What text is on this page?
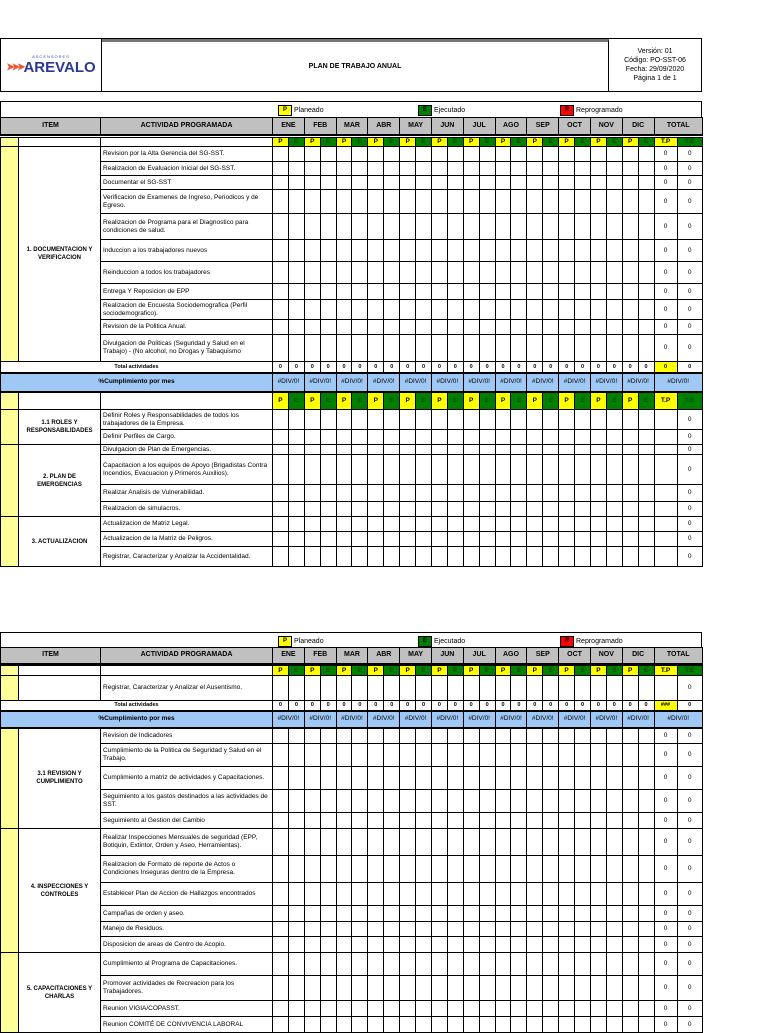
ASCENSORES
➤➤➤ AREVALO	PLAN DE TRABAJO ANUAL
Versión: 01
Código: PO-SST-06
Fecha: 29/09/2020
Página 1 de 1
P	Planeado	E	Ejecutado	R Reprogramado
ITEM		ACTIVIDAD PROGRAMADA	ENE		FEB		MAR		ABR		MAY		JUN		JUL		AGO		SEP		OCT		NOV		DIC		TOTAL	

			P	E	P	E	P	E	P	E	P	E	P	E	P	E	P	E	P	E	P	E	P	E	P	E	T.P	T.E
	1. DOCUMENTACION Y VERIFICACION	Revision por la Alta Gerencia del SG-SST.																									0	0
		Realizacion de Evaluacion Inicial del SG-SST.																									0	0
		Documentar el SG-SST																									0	0
		Verificacion de Examenes de Ingreso, Periodicos y de Egreso.																									0	0
		Realizacion de Programa para el Diagnostico para condiciones de salud.																									0	0
		Induccion a los trabajadores nuevos																									0	0
		Reinduccion a todos los trabajadores																									0	0
		Entrega Y Reposicion de EPP																									0	0
		Realizacion de Encuesta Sociodemografica (Perfil sociodemografico).																									0	0
		Revision de la Politica Anual.																									0	0
		Divulgacion de Politicas (Seguridad y Salud en el Trabajo) - (No alcohol, no Drogas y Tabaquismo																									0	0
Total actividades			0	0	0	0	0	0	0	0	0	0	0	0	0	0	0	0	0	0	0	0	0	0	0	0	0	0
%Cumplimiento por mes			#DIV/0!		#DIV/0!		#DIV/0!		#DIV/0!		#DIV/0!		#DIV/0!		#DIV/0!		#DIV/0!		#DIV/0!		#DIV/0!		#DIV/0!		#DIV/0!		#DIV/0!	
			P	E	P	E	P	E	P	E	P	E	P	E	P	E	P	E	P	E	P	E	P	E	P	E	T.P	T.E
	1.1 ROLES Y RESPONSABILIDADES	Definir Roles y Responsabilidades de todos los trabajadores de la Empresa.																										0
		Definir Perfiles de Cargo.																										0
	2. PLAN DE EMERGENCIAS	Divulgacion de Plan de Emergencias.																										0
		Capacitacion a los equipos de Apoyo (Brigadistas Contra Incendios, Evacuacion y Primeros Auxilios).																										0
		Realizar Analisis de Vulnerabilidad.																										0
		Realizacion de simulacros.																										0
	3. ACTUALIZACION	Actualizacion de Matriz Legal.																										0
		Actualizacion de la Matriz de Peligros.																										0
		Registrar, Caracterizar y Analizar la Accidentalidad.																										0
P	Planeado	E	Ejecutado	R Reprogramado
ITEM		ACTIVIDAD PROGRAMADA	ENE		FEB		MAR		ABR		MAY		JUN		JUL		AGO		SEP		OCT		NOV		DIC		TOTAL	

			P	E	P	E	P	E	P	E	P	E	P	E	P	E	P	E	P	E	P	E	P	E	P	E	T.P	T.E
		Registrar, Caracterizar y Analizar el Ausentismo.																										0
Total actividades			0	0	0	0	0	0	0	0	0	0	0	0	0	0	0	0	0	0	0	0	0	0	0	0	###	0
%Cumplimiento por mes			#DIV/0!		#DIV/0!		#DIV/0!		#DIV/0!		#DIV/0!		#DIV/0!		#DIV/0!		#DIV/0!		#DIV/0!		#DIV/0!		#DIV/0!		#DIV/0!		#DIV/0!	
	3.1 REVISION Y CUMPLIMIENTO	Revision de Indicadores																									0	0
		Cumplimiento de la Politica de Seguridad y Salud en el Trabajo.																									0	0
		Cumplimiento a matriz de actividades y Capacitaciones.																									0	0
		Seguimiento a los gastos destinados a las actividades de SST.																									0	0
		Seguimiento al Gestion del Cambio																									0	0
	4. INSPECCIONES Y CONTROLES	Realizar Inspecciones Mensuales de seguridad (EPP, Botiquin, Extintor, Orden y Aseo, Herramientas).																									0	0
		Realizacion de Formato de reporte de Actos o Condiciones Inseguras dentro de la Empresa.																									0	0
		Establecer Plan de Accion de Hallazgos encontrados																									0	0
		Campañas de orden y aseo.																									0	0
		Manejo de Residuos.																									0	0
		Disposicion de areas de Centro de Acopio.																									0	0
	5. CAPACITACIONES Y CHARLAS	Cumplimiento al Programa de Capacitaciones.																									0	0
		Promover actividades de Recreacion para los Trabajadores.																									0	0
		Reunion VIGIA/COPASST.																									0	0
		Reunion COMITÉ DE CONVIVENCIA LABORAL																									0	0
